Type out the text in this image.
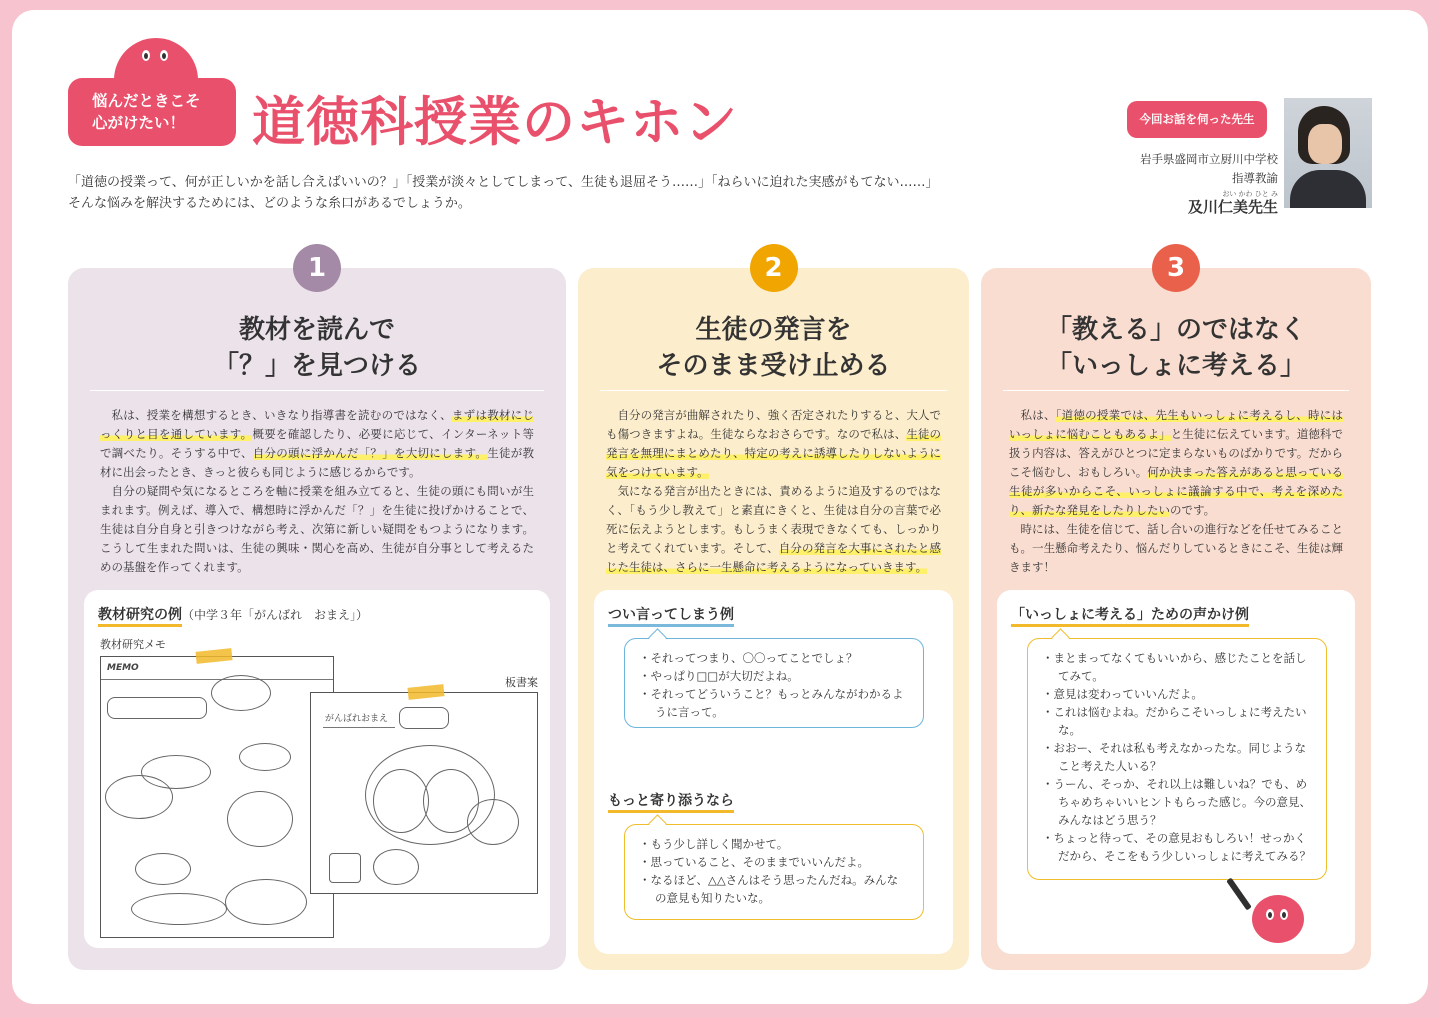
悩んだときこそ
心がけたい！	道徳科授業のキホン
「道徳の授業って、何が正しいかを話し合えばいいの？」「授業が淡々としてしまって、生徒も退屈そう……」「ねらいに迫れた実感がもてない……」
そんな悩みを解決するためには、どのような糸口があるでしょうか。
今回お話を伺った先生
岩手県盛岡市立厨川中学校
指導教諭
おい かわ ひと み
及川仁美先生
1
教材を読んで
「？」を見つける

私は、授業を構想するとき、いきなり指導書を読むのではなく、まずは教材にじっくりと目を通しています。概要を確認したり、必要に応じて、インターネット等で調べたり。そうする中で、自分の頭に浮かんだ「？」を大切にします。生徒が教材に出会ったとき、きっと彼らも同じように感じるからです。

自分の疑問や気になるところを軸に授業を組み立てると、生徒の頭にも問いが生まれます。例えば、導入で、構想時に浮かんだ「？」を生徒に投げかけることで、生徒は自分自身と引きつけながら考え、次第に新しい疑問をもつようになります。こうして生まれた問いは、生徒の興味・関心を高め、生徒が自分事として考えるための基盤を作ってくれます。

教材研究の例（中学３年「がんばれ　おまえ」）
教材研究メモ
板書案
MEMO
がんばれおまえ
2
生徒の発言を
そのまま受け止める

自分の発言が曲解されたり、強く否定されたりすると、大人でも傷つきますよね。生徒ならなおさらです。なので私は、生徒の発言を無理にまとめたり、特定の考えに誘導したりしないように気をつけています。

気になる発言が出たときには、責めるように追及するのではなく、「もう少し教えて」と素直にきくと、生徒は自分の言葉で必死に伝えようとします。もしうまく表現できなくても、しっかりと考えてくれています。そして、自分の発言を大事にされたと感じた生徒は、さらに一生懸命に考えるようになっていきます。

つい言ってしまう例
・ それってつまり、〇〇ってことでしょ？
・ やっぱり□□が大切だよね。
・ それってどういうこと？もっとみんながわかるように言って。
もっと寄り添うなら
・ もう少し詳しく聞かせて。
・ 思っていること、そのままでいいんだよ。
・ なるほど、△△さんはそう思ったんだね。みんなの意見も知りたいな。
3
「教える」のではなく
「いっしょに考える」

私は、「道徳の授業では、先生もいっしょに考えるし、時にはいっしょに悩むこともあるよ」と生徒に伝えています。道徳科で扱う内容は、答えがひとつに定まらないものばかりです。だからこそ悩むし、おもしろい。何か決まった答えがあると思っている生徒が多いからこそ、いっしょに議論する中で、考えを深めたり、新たな発見をしたりしたいのです。

時には、生徒を信じて、話し合いの進行などを任せてみることも。一生懸命考えたり、悩んだりしているときにこそ、生徒は輝きます！

「いっしょに考える」ための声かけ例
・ まとまってなくてもいいから、感じたことを話してみて。
・ 意見は変わっていいんだよ。
・ これは悩むよね。だからこそいっしょに考えたいな。
・ おおー、それは私も考えなかったな。同じようなこと考えた人いる？
・ うーん、そっか、それ以上は難しいね？でも、めちゃめちゃいいヒントもらった感じ。今の意見、みんなはどう思う？
・ ちょっと待って、その意見おもしろい！せっかくだから、そこをもう少しいっしょに考えてみる？
